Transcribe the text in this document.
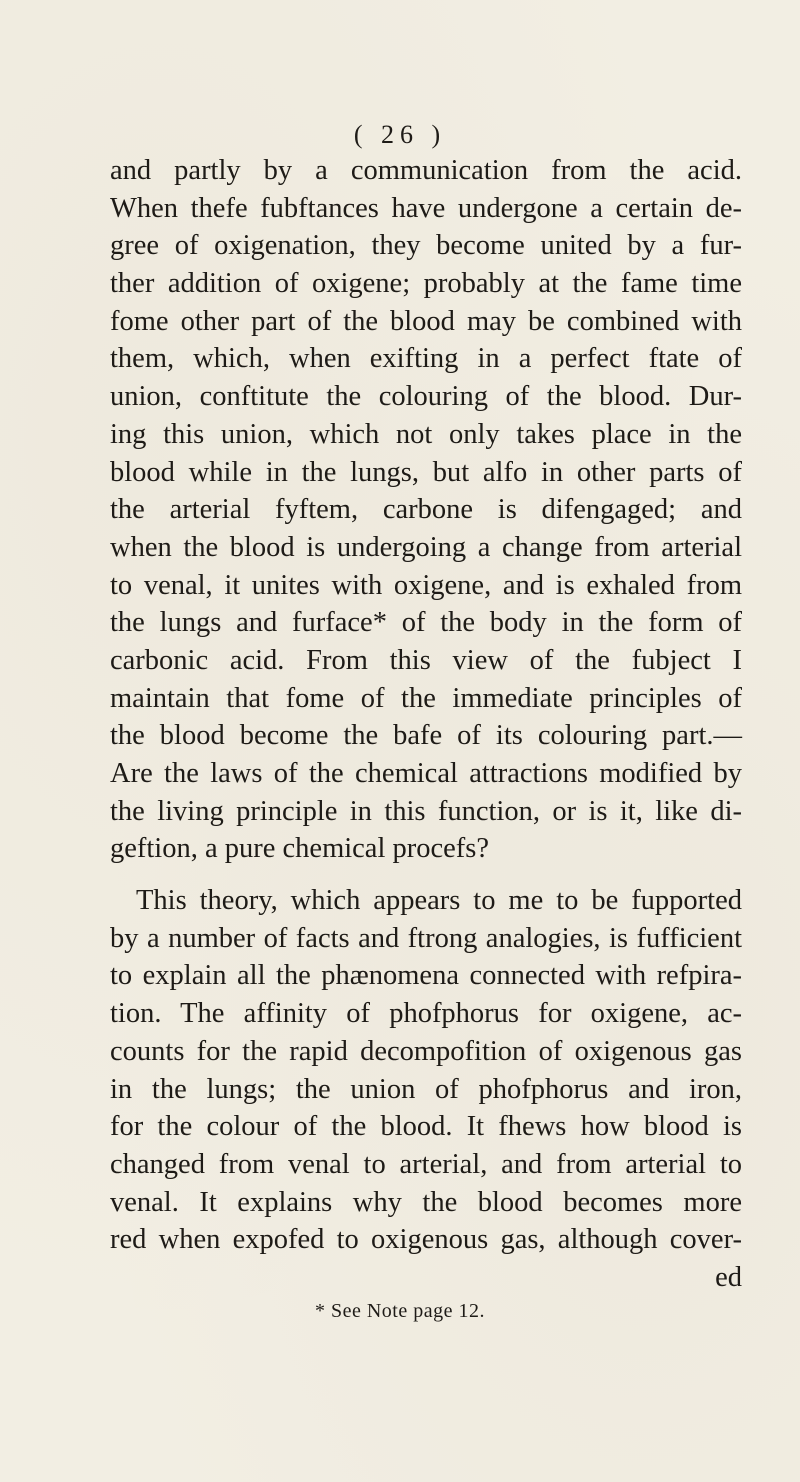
( 26 )
and partly by a communication from the acid.
When thefe fubftances have undergone a certain de-
gree of oxigenation, they become united by a fur-
ther addition of oxigene; probably at the fame time
fome other part of the blood may be combined with
them, which, when exifting in a perfect ftate of
union, conftitute the colouring of the blood. Dur-
ing this union, which not only takes place in the
blood while in the lungs, but alfo in other parts of
the arterial fyftem, carbone is difengaged; and
when the blood is undergoing a change from arterial
to venal, it unites with oxigene, and is exhaled from
the lungs and furface* of the body in the form of
carbonic acid. From this view of the fubject I
maintain that fome of the immediate principles of
the blood become the bafe of its colouring part.—
Are the laws of the chemical attractions modified by
the living principle in this function, or is it, like di-
geftion, a pure chemical procefs?
This theory, which appears to me to be fupported
by a number of facts and ftrong analogies, is fufficient
to explain all the phænomena connected with refpira-
tion. The affinity of phofphorus for oxigene, ac-
counts for the rapid decompofition of oxigenous gas
in the lungs; the union of phofphorus and iron,
for the colour of the blood. It fhews how blood is
changed from venal to arterial, and from arterial to
venal. It explains why the blood becomes more
red when expofed to oxigenous gas, although cover-
ed
* See Note page 12.
